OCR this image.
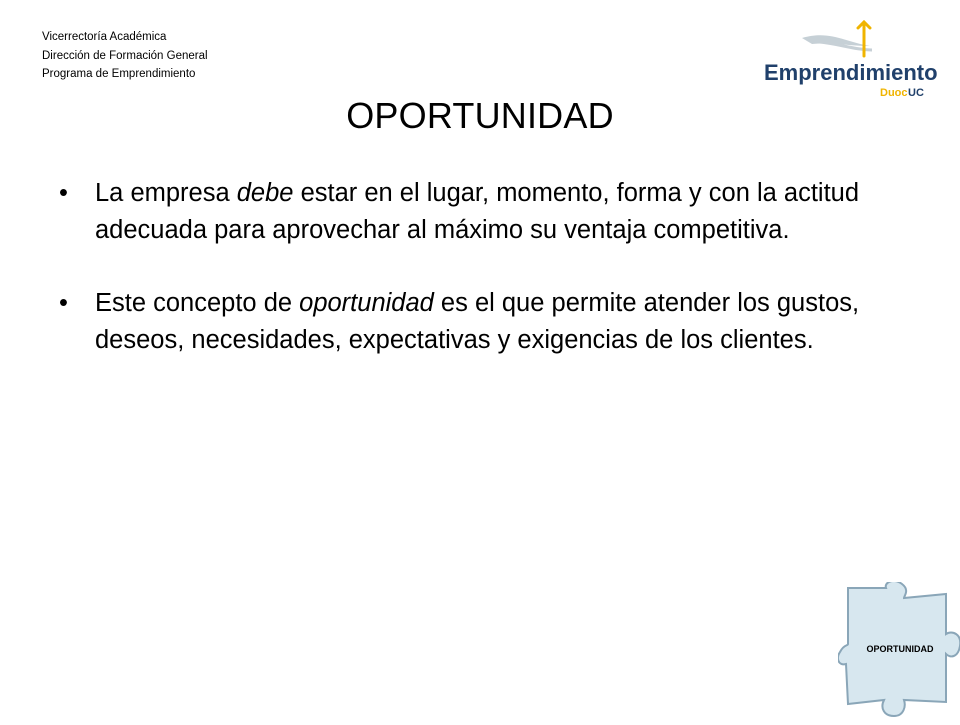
Vicerrectoría Académica
Dirección de Formación General
Programa de Emprendimiento	Emprendimiento
Duoc UC
OPORTUNIDAD
• La empresa debe estar en el lugar, momento, forma y con la actitud adecuada para aprovechar al máximo su ventaja competitiva.
• Este concepto de oportunidad es el que permite atender los gustos, deseos, necesidades, expectativas y exigencias de los clientes.
OPORTUNIDAD
